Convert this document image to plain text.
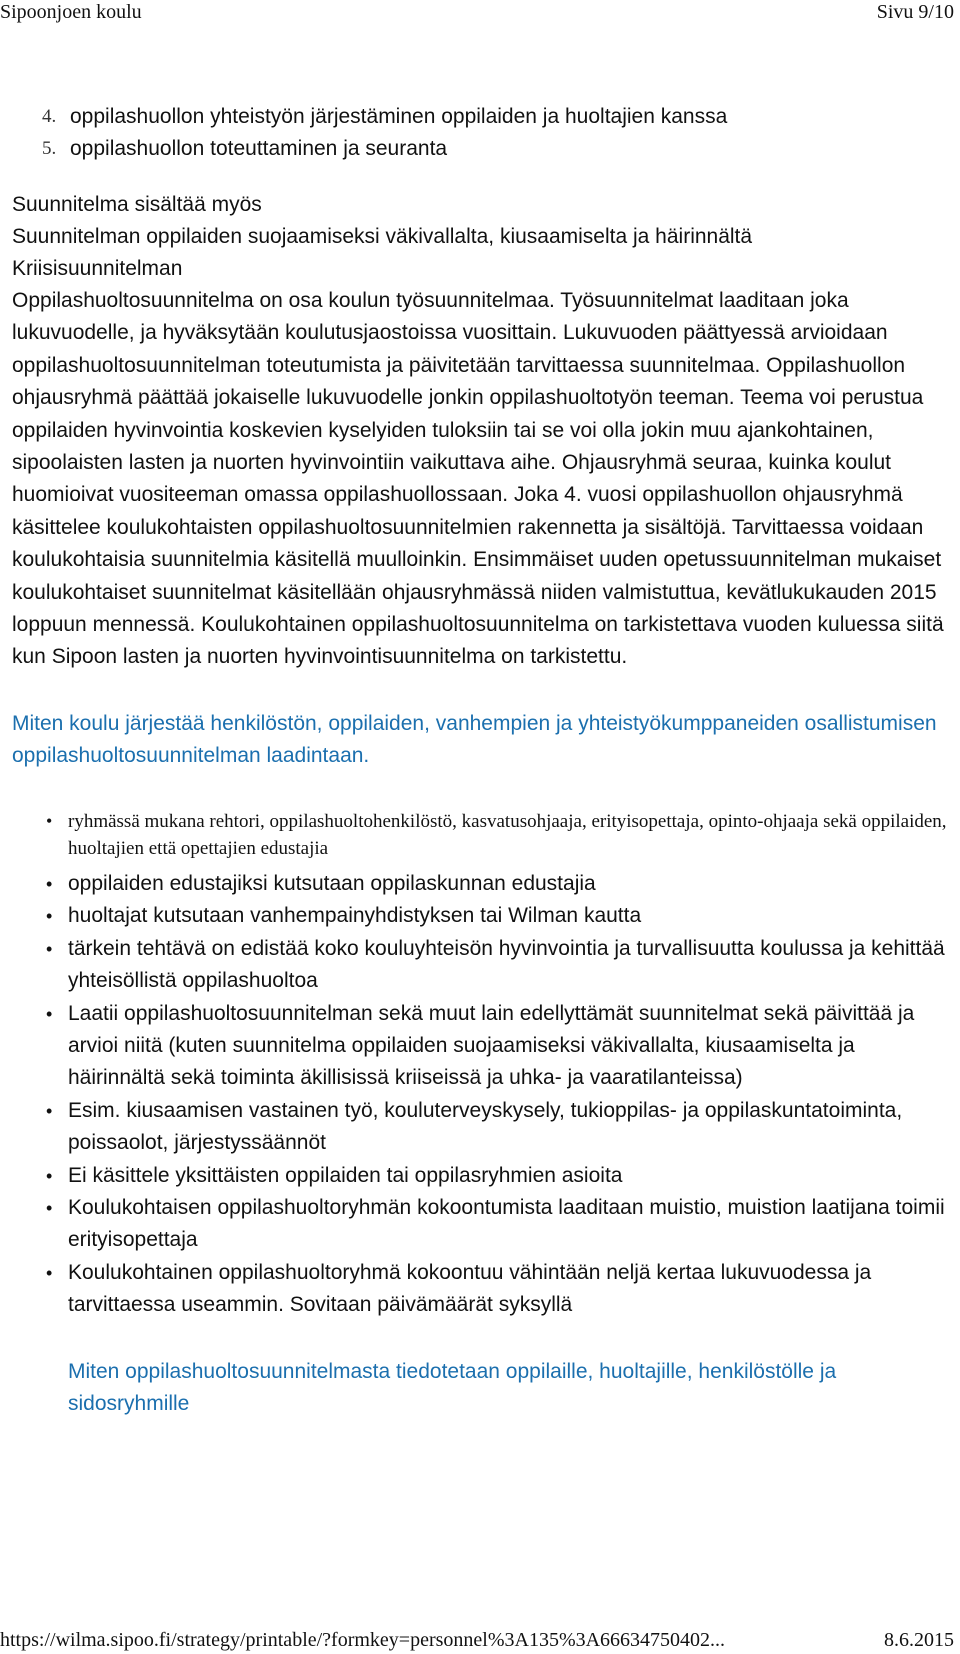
Sipoonjoen koulu	Sivu 9/10
4. oppilashuollon yhteistyön järjestäminen oppilaiden ja huoltajien kanssa
5. oppilashuollon toteuttaminen ja seuranta

Suunnitelma sisältää myös

Suunnitelman oppilaiden suojaamiseksi väkivallalta, kiusaamiselta ja häirinnältä

Kriisisuunnitelman

Oppilashuoltosuunnitelma on osa koulun työsuunnitelmaa. Työsuunnitelmat laaditaan joka lukuvuodelle, ja hyväksytään koulutusjaostoissa vuosittain. Lukuvuoden päättyessä arvioidaan oppilashuoltosuunnitelman toteutumista ja päivitetään tarvittaessa suunnitelmaa. Oppilashuollon ohjausryhmä päättää jokaiselle lukuvuodelle jonkin oppilashuoltotyön teeman. Teema voi perustua oppilaiden hyvinvointia koskevien kyselyiden tuloksiin tai se voi olla jokin muu ajankohtainen, sipoolaisten lasten ja nuorten hyvinvointiin vaikuttava aihe. Ohjausryhmä seuraa, kuinka koulut huomioivat vuositeeman omassa oppilashuollossaan. Joka 4. vuosi oppilashuollon ohjausryhmä käsittelee koulukohtaisten oppilashuoltosuunnitelmien rakennetta ja sisältöjä. Tarvittaessa voidaan koulukohtaisia suunnitelmia käsitellä muulloinkin. Ensimmäiset uuden opetussuunnitelman mukaiset koulukohtaiset suunnitelmat käsitellään ohjausryhmässä niiden valmistuttua, kevätlukukauden 2015 loppuun mennessä. Koulukohtainen oppilashuoltosuunnitelma on tarkistettava vuoden kuluessa siitä kun Sipoon lasten ja nuorten hyvinvointisuunnitelma on tarkistettu.

Miten koulu järjestää henkilöstön, oppilaiden, vanhempien ja yhteistyökumppaneiden osallistumisen oppilashuoltosuunnitelman laadintaan.

• ryhmässä mukana rehtori, oppilashuoltohenkilöstö, kasvatusohjaaja, erityisopettaja, opinto-ohjaaja sekä oppilaiden, huoltajien että opettajien edustajia
• oppilaiden edustajiksi kutsutaan oppilaskunnan edustajia
• huoltajat kutsutaan vanhempainyhdistyksen tai Wilman kautta
• tärkein tehtävä on edistää koko kouluyhteisön hyvinvointia ja turvallisuutta koulussa ja kehittää yhteisöllistä oppilashuoltoa
• Laatii oppilashuoltosuunnitelman sekä muut lain edellyttämät suunnitelmat sekä päivittää ja arvioi niitä (kuten suunnitelma oppilaiden suojaamiseksi väkivallalta, kiusaamiselta ja häirinnältä sekä toiminta äkillisissä kriiseissä ja uhka- ja vaaratilanteissa)
• Esim. kiusaamisen vastainen työ, kouluterveyskysely, tukioppilas- ja oppilaskuntatoiminta, poissaolot, järjestyssäännöt
• Ei käsittele yksittäisten oppilaiden tai oppilasryhmien asioita
• Koulukohtaisen oppilashuoltoryhmän kokoontumista laaditaan muistio, muistion laatijana toimii erityisopettaja
• Koulukohtainen oppilashuoltoryhmä kokoontuu vähintään neljä kertaa lukuvuodessa ja tarvittaessa useammin. Sovitaan päivämäärät syksyllä

Miten oppilashuoltosuunnitelmasta tiedotetaan oppilaille, huoltajille, henkilöstölle ja sidosryhmille

https://wilma.sipoo.fi/strategy/printable/?formkey=personnel%3A135%3A66634750402...	8.6.2015
